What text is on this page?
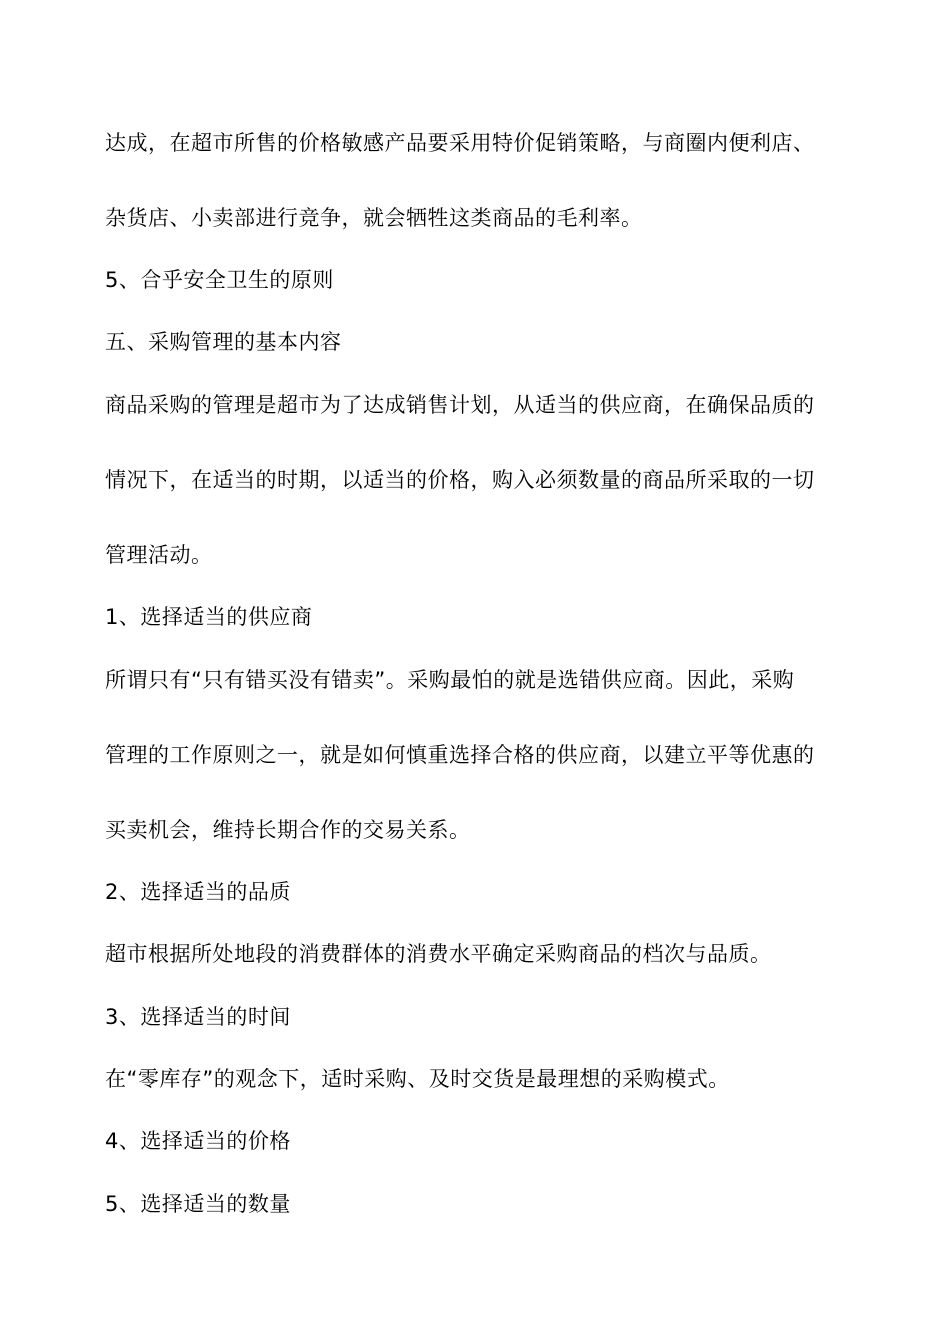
达成，在超市所售的价格敏感产品要采用特价促销策略，与商圈内便利店、
杂货店、小卖部进行竞争，就会牺牲这类商品的毛利率。
5、合乎安全卫生的原则
五、采购管理的基本内容
商品采购的管理是超市为了达成销售计划，从适当的供应商，在确保品质的
情况下，在适当的时期，以适当的价格，购入必须数量的商品所采取的一切
管理活动。
1、选择适当的供应商
所谓只有“只有错买没有错卖”。采购最怕的就是选错供应商。因此，采购
管理的工作原则之一，就是如何慎重选择合格的供应商，以建立平等优惠的
买卖机会，维持长期合作的交易关系。
2、选择适当的品质
超市根据所处地段的消费群体的消费水平确定采购商品的档次与品质。
3、选择适当的时间
在“零库存”的观念下，适时采购、及时交货是最理想的采购模式。
4、选择适当的价格
5、选择适当的数量
